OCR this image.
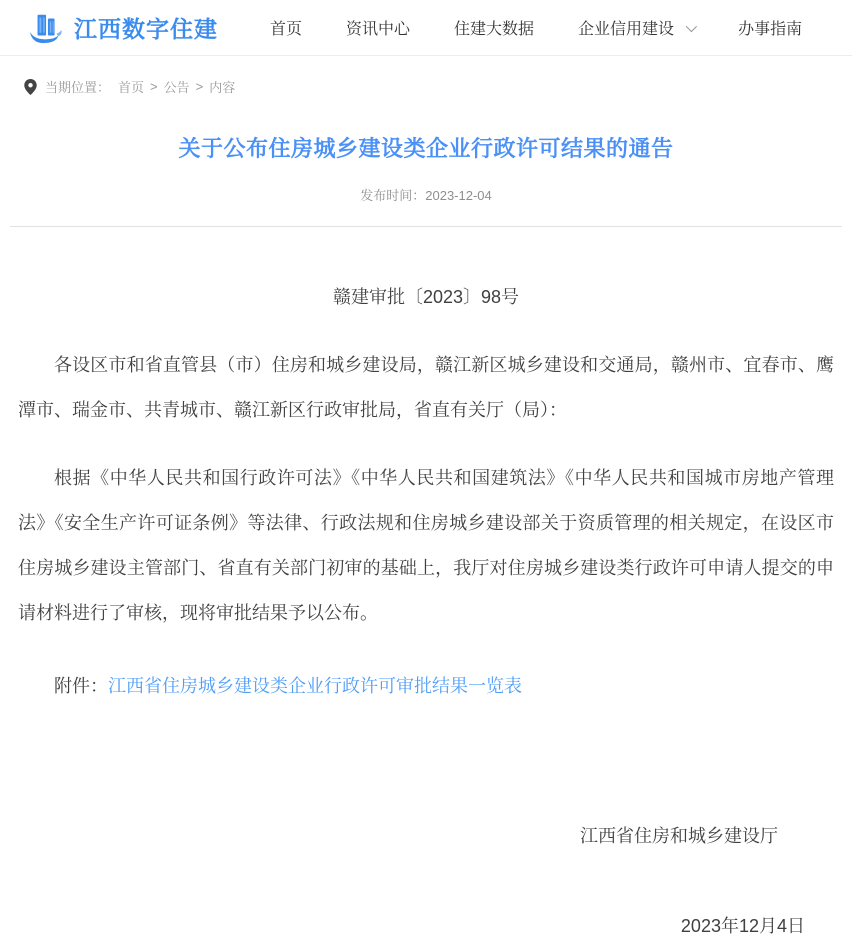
江西数字住建	首页	资讯中心	住建大数据	企业信用建设	办事指南
当期位置： 首页 > 公告 > 内容
关于公布住房城乡建设类企业行政许可结果的通告
发布时间：2023-12-04
赣建审批〔2023〕98号

各设区市和省直管县（市）住房和城乡建设局，赣江新区城乡建设和交通局，赣州市、宜春市、鹰潭市、瑞金市、共青城市、赣江新区行政审批局，省直有关厅（局）：

根据《中华人民共和国行政许可法》《中华人民共和国建筑法》《中华人民共和国城市房地产管理法》《安全生产许可证条例》等法律、行政法规和住房城乡建设部关于资质管理的相关规定，在设区市住房城乡建设主管部门、省直有关部门初审的基础上，我厅对住房城乡建设类行政许可申请人提交的申请材料进行了审核，现将审批结果予以公布。

附件：江西省住房城乡建设类企业行政许可审批结果一览表
江西省住房和城乡建设厅
2023年12月4日
